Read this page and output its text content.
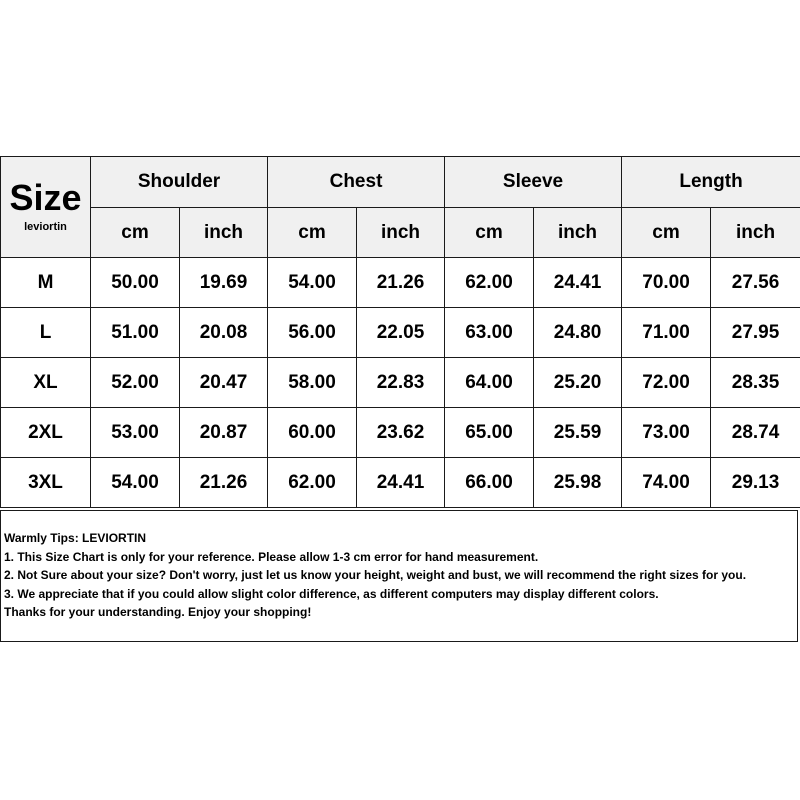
Size
leviortin	Shoulder		Chest		Sleeve		Length	
	cm	inch	cm	inch	cm	inch	cm	inch
M	50.00	19.69	54.00	21.26	62.00	24.41	70.00	27.56
L	51.00	20.08	56.00	22.05	63.00	24.80	71.00	27.95
XL	52.00	20.47	58.00	22.83	64.00	25.20	72.00	28.35
2XL	53.00	20.87	60.00	23.62	65.00	25.59	73.00	28.74
3XL	54.00	21.26	62.00	24.41	66.00	25.98	74.00	29.13
Warmly Tips: LEVIORTIN
1. This Size Chart is only for your reference. Please allow 1-3 cm error for hand measurement.
2. Not Sure about your size? Don't worry, just let us know your height, weight and bust, we will recommend the right sizes for you.
3. We appreciate that if you could allow slight color difference, as different computers may display different colors.
Thanks for your understanding. Enjoy your shopping!
